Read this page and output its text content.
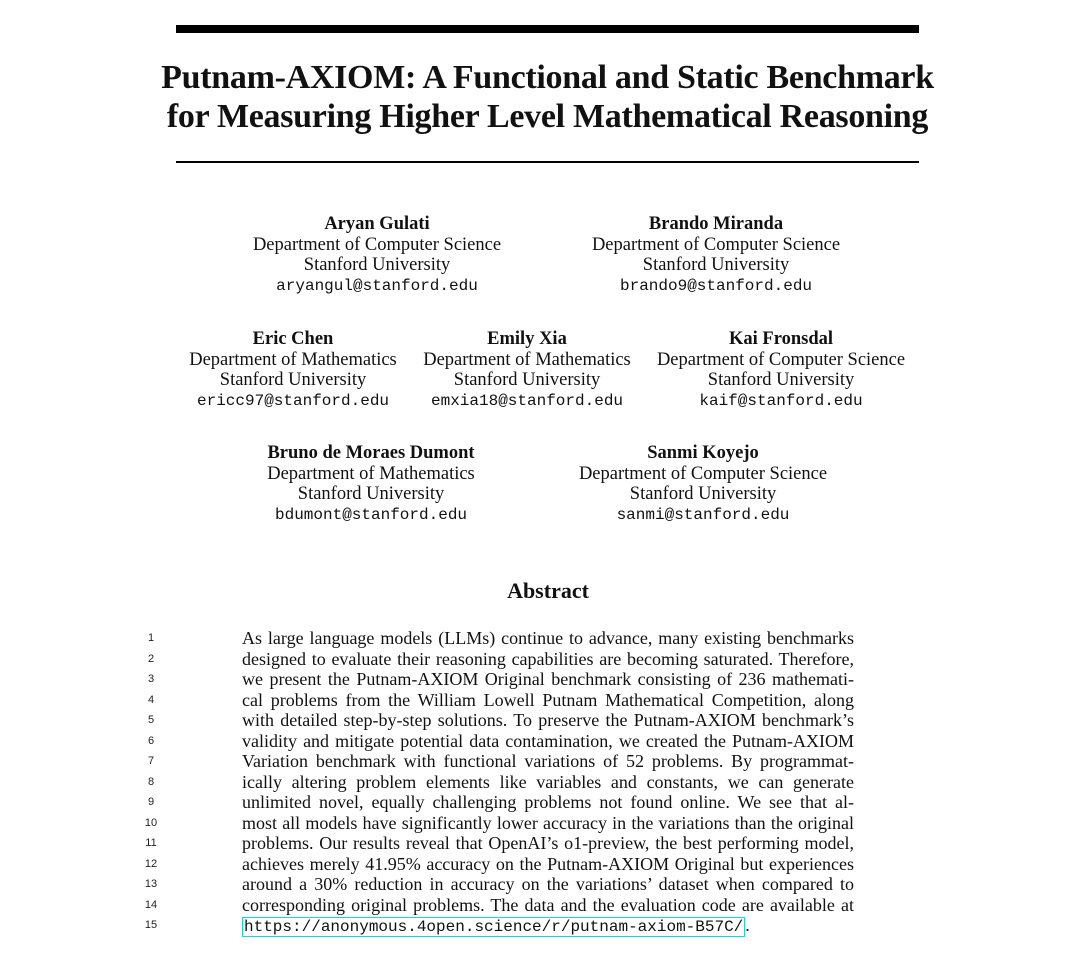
Putnam-AXIOM: A Functional and Static Benchmark
for Measuring Higher Level Mathematical Reasoning
Aryan Gulati
Department of Computer Science
Stanford University
aryangul@stanford.edu
Brando Miranda
Department of Computer Science
Stanford University
brando9@stanford.edu
Eric Chen
Department of Mathematics
Stanford University
ericc97@stanford.edu
Emily Xia
Department of Mathematics
Stanford University
emxia18@stanford.edu
Kai Fronsdal
Department of Computer Science
Stanford University
kaif@stanford.edu
Bruno de Moraes Dumont
Department of Mathematics
Stanford University
bdumont@stanford.edu
Sanmi Koyejo
Department of Computer Science
Stanford University
sanmi@stanford.edu
Abstract
1
2
3
4
5
6
7
8
9
10
11
12
13
14
15
As large language models (LLMs) continue to advance, many existing benchmarks
designed to evaluate their reasoning capabilities are becoming saturated. Therefore,
we present the Putnam-AXIOM Original benchmark consisting of 236 mathemati-
cal problems from the William Lowell Putnam Mathematical Competition, along
with detailed step-by-step solutions. To preserve the Putnam-AXIOM benchmark’s
validity and mitigate potential data contamination, we created the Putnam-AXIOM
Variation benchmark with functional variations of 52 problems. By programmat-
ically altering problem elements like variables and constants, we can generate
unlimited novel, equally challenging problems not found online. We see that al-
most all models have significantly lower accuracy in the variations than the original
problems. Our results reveal that OpenAI’s o1-preview, the best performing model,
achieves merely 41.95% accuracy on the Putnam-AXIOM Original but experiences
around a 30% reduction in accuracy on the variations’ dataset when compared to
corresponding original problems. The data and the evaluation code are available at
https://anonymous.4open.science/r/putnam-axiom-B57C/ .
